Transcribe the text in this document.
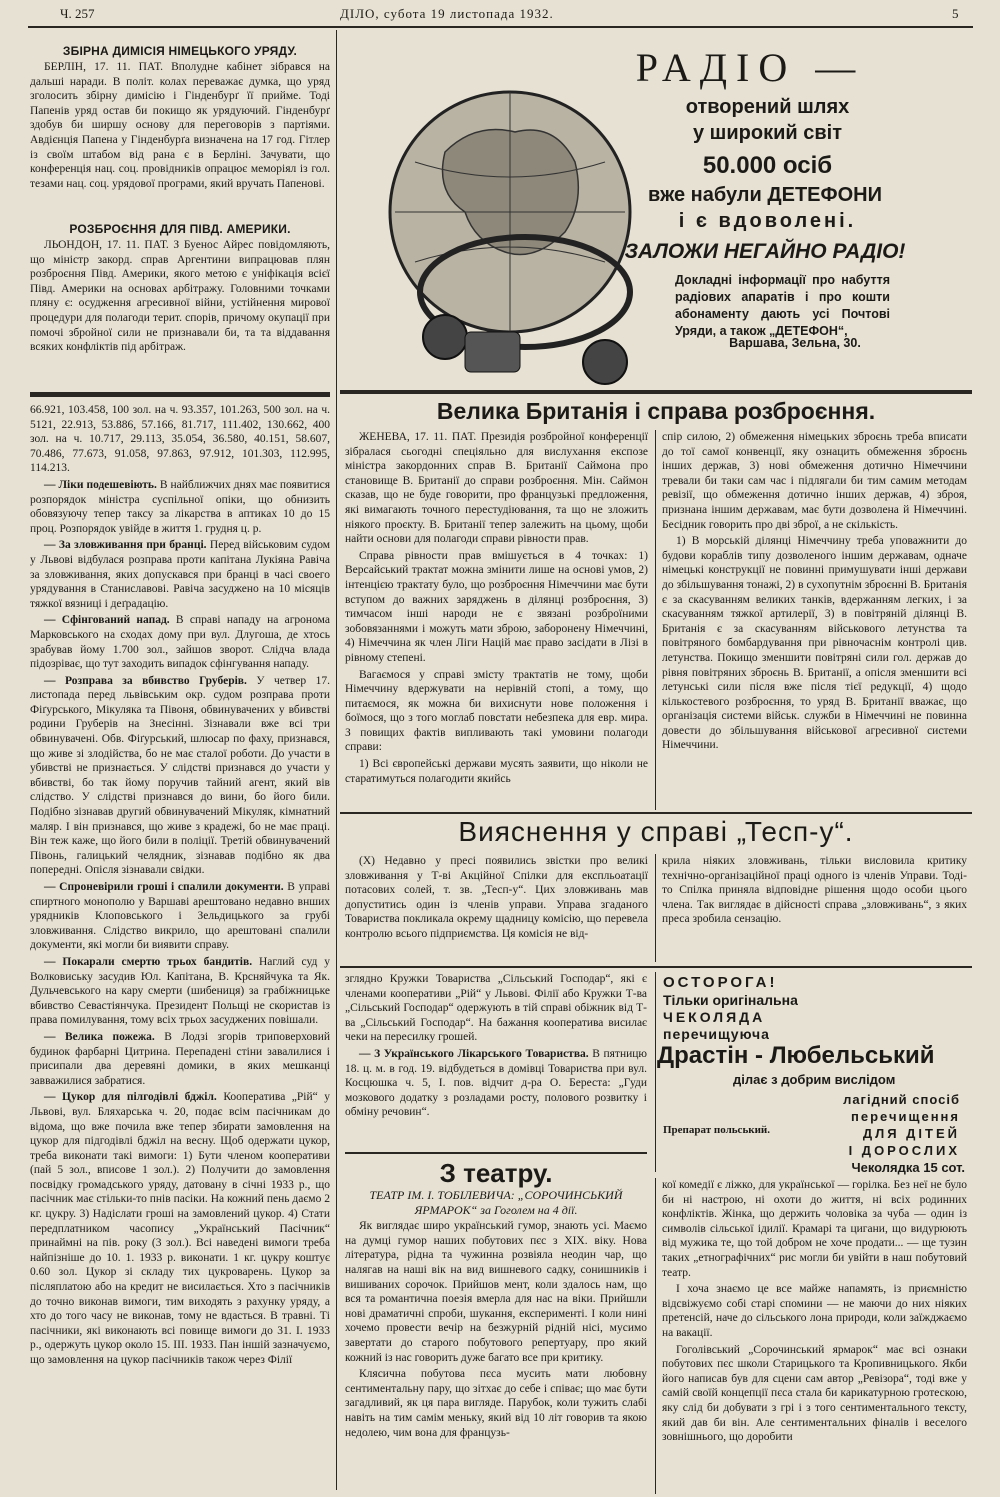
Ч. 257	ДІЛО, субота 19 листопада 1932.	5
ЗБІРНА ДИМІСІЯ НІМЕЦЬКОГО УРЯДУ.

БЕРЛІН, 17. 11. ПАТ. Вполудне кабінет зібрався на дальші наради. В політ. колах переважає думка, що уряд зголосить збірну димісію і Гінденбурґ її прийме. Тоді Папенів уряд остав би покищо як урядуючий. Гінденбурґ здобув би ширшу основу для переговорів з партіями. Авдієнція Папена у Гінденбурґа визначена на 17 год. Гітлер із своїм штабом від рана є в Берліні. Зачувати, що конференція нац. соц. провідників опрацює меморіял із гол. тезами нац. соц. урядової програми, який вручать Папенові.

РОЗБРОЄННЯ ДЛЯ ПІВД. АМЕРИКИ.

ЛЬОНДОН, 17. 11. ПАТ. З Буенос Айрес повідомляють, що міністр закорд. справ Аргентини випрацював плян розброєння Півд. Америки, якого метою є уніфікація всієї Півд. Америки на основах арбітражу. Головними точками пляну є: осудження агресивної війни, устійнення мирової процедури для полагоди терит. спорів, причому окупації при помочі збройної сили не признавали би, та та віддавання всяких конфліктів під арбітраж.

66.921, 103.458, 100 зол. на ч. 93.357, 101.263, 500 зол. на ч. 5121, 22.913, 53.886, 57.166, 81.717, 111.402, 130.662, 400 зол. на ч. 10.717, 29.113, 35.054, 36.580, 40.151, 58.607, 70.486, 77.673, 91.058, 97.863, 97.912, 101.303, 112.995, 114.213.

— Ліки подешевіють. В найближчих днях має появитися розпорядок міністра суспільної опіки, що обнизить обовязуючу тепер таксу за лікарства в аптиках 10 до 15 проц. Розпорядок увійде в життя 1. грудня ц. р.

— За зловживання при бранці. Перед військовим судом у Львові відбулася розправа проти капітана Лукіяна Равіча за зловживання, яких допускався при бранці в часі своего урядування в Станиславові. Равіча засуджено на 10 місяців тяжкої вязниці і деґрадацію.

— Сфінгований напад. В справі нападу на агрономa Марковського на сходах дому при вул. Длугоша, де хтось зрабував йому 1.700 зол., зайшов зворот. Слідча влада підозріває, що тут заходить випадок сфінгування нападу.

— Розправа за вбивство Груберів. У четвер 17. листопада перед львівським окр. судом розправа проти Фіґурського, Мікуляка та Півоня, обвинувачених у вбивстві родини Груберів на Знесінні. Зізнавали вже всі три обвинувачені. Обв. Фіґурський, шлюсар по фаху, признався, що живе зі злодійства, бо не має сталої роботи. До участи в убивстві не признається. У слідстві признався до участи у вбивстві, бо так йому поручив тайний агент, який вів слідство. У слідстві признався до вини, бо його били. Подібно зізнавав другий обвинувачений Мікуляк, кімнатний маляр. І він признався, що живе з крадежі, бо не має праці. Він теж каже, що його били в поліції. Третій обвинувачений Півонь, галицький челядник, зізнавав подібно як два попередні. Опісля зізнавали свідки.

— Спроневірили гроші і спалили документи. В управі спиртного монополю у Варшаві арештовано недавно внших урядників Клоповського і Зельдицького за грубі зловживання. Слідство викрило, що арештовані спалили документи, які могли би виявити справу.

— Покарали смертю трьох бандитів. Наглий суд у Волковиську засудив Юл. Капітана, В. Крсняйчука та Як. Дульчевського на кару смерти (шибениця) за грабіжницьке вбивство Севастіянчука. Президент Польщі не скористав із права помилування, тому всіх трьох засуджених повішали.

— Велика пожежа. В Лодзі згорів триповерховий будинок фарбарні Цитрина. Перепадені стіни завалилися і присипали два деревяні домики, в яких мешканці завважилися забратися.

— Цукор для пілгодівлі бджіл. Кооператива „Рій“ у Львові, вул. Бляхарська ч. 20, подає всім пасічникам до відома, що вже почила вже тепер збирати замовлення на цукор для підгодівлі бджіл на весну. Щоб одержати цукор, треба виконати такі вимоги: 1) Бути членом кооперативи (пай 5 зол., вписове 1 зол.). 2) Получити до замовлення посвідку громадського уряду, датовану в січні 1933 р., що пасічник має стільки-то пнів пасіки. На кожний пень даємо 2 кг. цукру. 3) Надіслати гроші на замовлений цукор. 4) Стати передплатником часопису „Український Пасічник“ принаймні на пів. року (3 зол.). Всі наведені вимоги треба найпізніше до 10. 1. 1933 р. виконати. 1 кг. цукру коштує 0.60 зол. Цукор зі складу тих цукроварень. Цукор за післяплатою або на кредит не висилається. Хто з пасічників до точно виконав вимоги, тим виходять з рахунку уряду, а хто до того часу не виконав, тому не вдасться. В травні. Ті пасічники, які виконають всі повище вимоги до 31. І. 1933 р., одержуть цукор около 15. ІІІ. 1933. Пан іншій зазначуємо, що замовлення на цукор пасічників також через Філії

РАДІО —
отворений шлях
у широкий світ
50.000 осіб
вже набули ДЕТЕФОНИ
і є вдоволені.
ЗАЛОЖИ НЕГАЙНО РАДІО!
Докладні інформації про набуття радіових апаратів і про кошти абонаменту дають усі Почтові Уряди, а також „ДЕТЕФОН“,
Варшава, Зельна, 30.
Велика Британія і справа розброєння.

ЖЕНЕВА, 17. 11. ПАТ. Президія розбройної конференції зібралася сьогодні спеціяльно для вислухання експозе міністра закордонних справ В. Британії Саймона про становище В. Британії до справи розброєння. Мін. Саймон сказав, що не буде говорити, про французькі предложення, які вимагають точного перестудіювання, та що не зложить ніякого проєкту. В. Британії тепер залежить на цьому, щоби найти основи для полагоди справи рівности прав.

Справа рівности прав вмішується в 4 точках: 1) Версайський трактат можна змінити лише на основі умов, 2) інтенцією трактату було, що розброєння Німеччини має бути вступом до важних заряджень в ділянці розброєння, 3) тимчасом інші народи не є звязані розброїними зобовязаннями і можуть мати зброю, заборонену Німеччині, 4) Німеччина як член Ліги Націй має право засідати в Лізі в рівному степені.

Вагаємося у справі змісту трактатів не тому, щоби Німеччину вдержувати на нерівній стопі, а тому, що питаємося, як можна би вихиснути нове положення і боїмося, що з того моглаб повстати небезпека для евр. мира. З повищих фактів випливають такі умовини полагоди справи:

1) Всі європейські держави мусять заявити, що ніколи не старатимуться полагодити якийсь

спір силою, 2) обмеження німецьких зброєнь треба вписати до тої самої конвенції, яку ознацить обмеження зброєнь інших держав, 3) нові обмеження дотично Німеччини тревали би таки сам час і підлягали би тим самим методам ревізії, що обмеження дотично інших держав, 4) зброя, признана іншим державам, має бути дозволена й Німеччині. Бесідник говорить про дві зброї, а не скількість.

1) В морській ділянці Німеччину треба уповажнити до будови кораблів типу дозволеного іншим державам, одначе німецькі конструкції не повинні примушувати інші держави до збільшування тонажі, 2) в сухопутнім зброєнні В. Британія є за скасуванням великих танків, вдержанням легких, і за скасуванням тяжкої артилерії, 3) в повітряній ділянці В. Британія є за скасуванням військового летунства та повітряного бомбардування при рівночаснім контролі цив. летунства. Покищо зменшити повітряні сили гол. держав до рівня повітряних зброєнь В. Британії, а опісля зменшити всі летунські сили після вже після тієї редукції, 4) щодо кількостевого розброєння, то уряд В. Британії вважає, що організація системи військ. служби в Німеччині не повинна довести до збільшування військової агресивної системи Німеччини.

Вияснення у справі „Тесп-у“.

(X) Недавно у пресі появились звістки про великі зловживання у Т-ві Акційної Спілки для експльоатації потасових солей, т. зв. „Тесп-у“. Цих зловживань мав допуститись один із членів управи. Управа згаданого Товариства покликала окрему щадницу комісію, що перевела контролю всього підприємства. Ця комісія не від-

крила ніяких зловживань, тільки висловила критику технічно-організаційної праці одного із членів Управи. Тоді-то Спілка приняла відповідне рішення щодо особи цього члена. Так виглядає в дійсності справа „зловживань“, з яких преса зробила сензацію.

зглядно Кружки Товариства „Сільський Господар“, які є членами кооперативи „Рій“ у Львові. Філії або Кружки Т-ва „Сільський Господар“ одержують в тій справі обіжник від Т-ва „Сільський Господар“. На бажання кооператива висилає чеки на пересилку грошей.

— З Українського Лікарського Товариства. В пятницю 18. ц. м. в год. 19. відбудеться в домівці Товариства при вул. Косцюшка ч. 5, І. пов. відчит д-ра О. Береста: „Гуди мозкового додатку з розладами росту, полового розвитку і обміну речовин“.

ОСТОРОГА!
Тільки оригінальна
ЧЕКОЛЯДА
перечищуюча
Драстін - Любельський
ділає з добрим вислідом
лагідний спосіб
перечищення
ДЛЯ ДІТЕЙ
І ДОРОСЛИХ
Препарат польський.
Чеколядка 15 сот.
З театру.

ТЕАТР ІМ. І. ТОБІЛЕВИЧА: „СОРОЧИНСЬКИЙ ЯРМАРОК“ за Гоголем на 4 дії.

Як виглядає широ український гумор, знають усі. Маємо на думці гумор наших побутових пєс з XIX. віку. Нова література, рідна та чужинна розвіяла неодин чар, що налягав на наші вік на вид вишневого садку, сонишників і вишиваних сорочок. Прийшов мент, коли здалось нам, що вся та романтична поезія вмерла для нас на віки. Прийшли нові драматичні спроби, шукання, експерименті. І коли нині хочемо провести вечір на безжурній рідній нісі, мусимо завертати до старого побутового репертуару, про який кожний із нас говорить дуже багато все при критику.

Клясична побутова пєса мусить мати любовну сентиментальну пару, що зітхає до себе і співає; що має бути загадливий, як ця пара вигляде. Парубок, коли тужить слабі навіть на тим самім меньку, який від 10 літ говорив та якою недолею, чим вона для французь-

кої комедії є ліжко, для української — горілка. Без неї не було би ні настрою, ні охоти до життя, ні всіх родинних конфліктів. Жінка, що держить чоловіка за чуба — один із символів сільської ідилії. Крамарі та цигани, що видурюють від мужика те, що той добром не хоче продати... — ще тузин таких „етнографічних“ рис могли би увійти в наш побутовий театр.

І хоча знаємо це все майже напамять, із приємністю відсвіжуємо собі старі спомини — не маючи до них ніяких претенсій, наче до сільського лона природи, коли заїжджаємо на вакації.

Гоголівський „Сорочинський ярмарок“ має всі ознаки побутових пєс школи Старицького та Кропивницького. Якби його написав був для сцени сам автор „Ревізора“, тоді вже у самій своїй концепції пєса стала би карикатурною гротескою, яку слід би добувати з грі і з того сентиментального тексту, який дав би він. Але сентиментальних фіналів і веселого зовнішнього, що доробити
